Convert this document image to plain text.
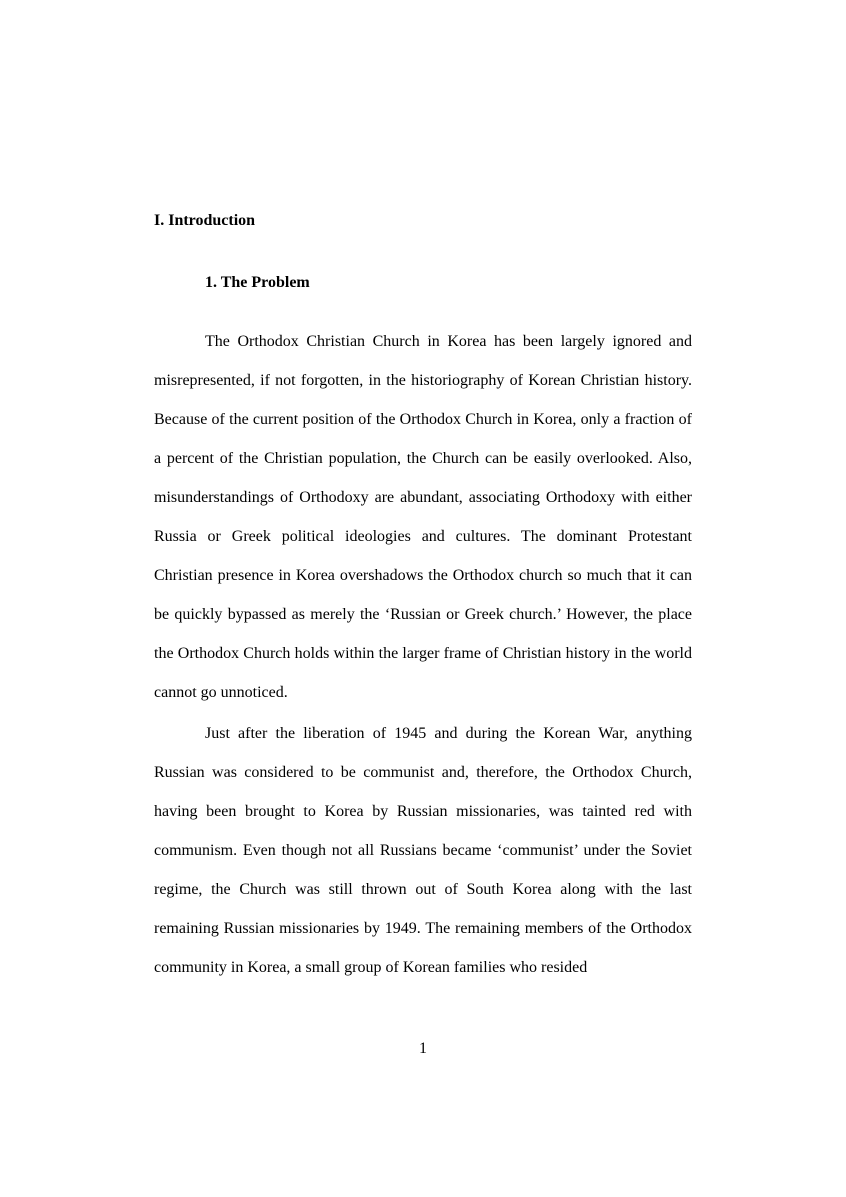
I. Introduction
1. The Problem

The Orthodox Christian Church in Korea has been largely ignored and misrepresented, if not forgotten, in the historiography of Korean Christian history. Because of the current position of the Orthodox Church in Korea, only a fraction of a percent of the Christian population, the Church can be easily overlooked. Also, misunderstandings of Orthodoxy are abundant, associating Orthodoxy with either Russia or Greek political ideologies and cultures. The dominant Protestant Christian presence in Korea overshadows the Orthodox church so much that it can be quickly bypassed as merely the ‘Russian or Greek church.’ However, the place the Orthodox Church holds within the larger frame of Christian history in the world cannot go unnoticed.

Just after the liberation of 1945 and during the Korean War, anything Russian was considered to be communist and, therefore, the Orthodox Church, having been brought to Korea by Russian missionaries, was tainted red with communism. Even though not all Russians became ‘communist’ under the Soviet regime, the Church was still thrown out of South Korea along with the last remaining Russian missionaries by 1949. The remaining members of the Orthodox community in Korea, a small group of Korean families who resided

1
